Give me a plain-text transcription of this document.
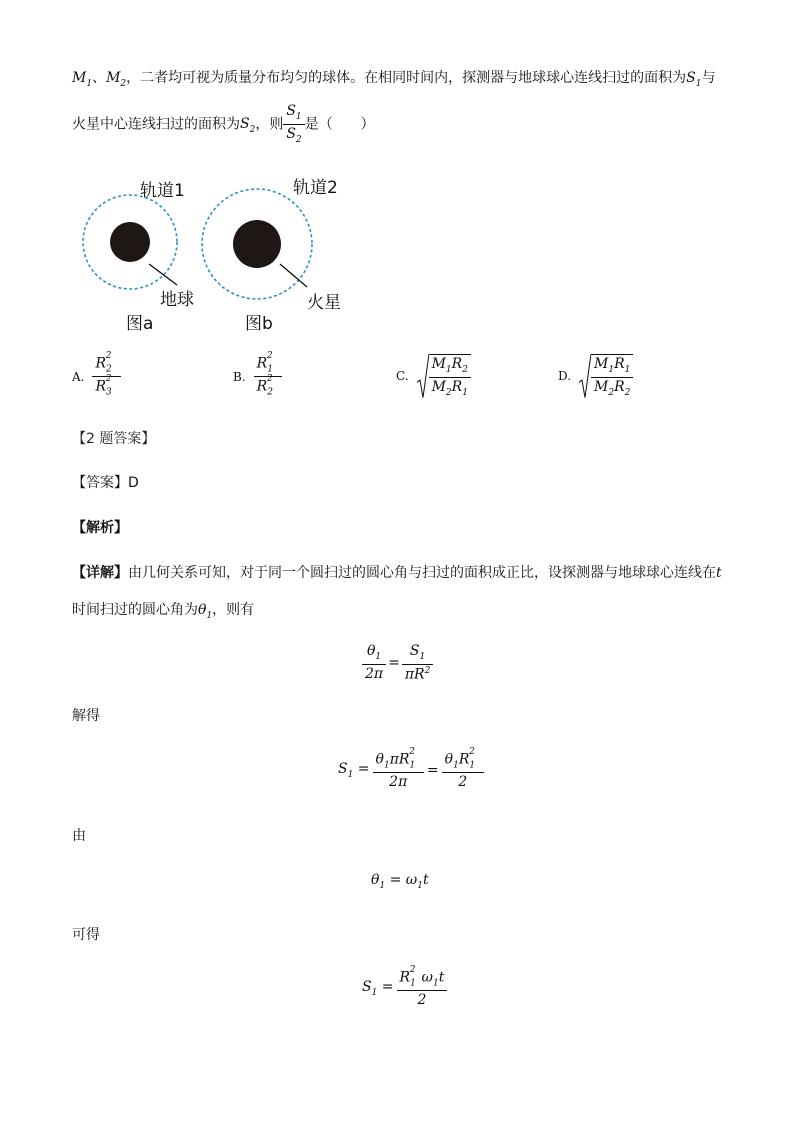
$M_1$、$M_2$，二者均可视为质量分布均匀的球体。在相同时间内，探测器与地球球心连线扫过的面积为$S_1$与
火星中心连线扫过的面积为$S_2$，则 $\frac{S_1}{S_2}$ 是（　　）
轨道1	轨道2
地球	火星
图a	图b
A. $\frac{R_2^2}{R_3^2}$	B. $\frac{R_1^2}{R_2^2}$	C. $\frac{M_1R_2}{M_2R_1}$	D. $\frac{M_1R_1}{M_2R_2}$
【2 题答案】
【答案】D
【解析】
【详解】由几何关系可知，对于同一个圆扫过的圆心角与扫过的面积成正比，设探测器与地球球心连线在t
时间扫过的圆心角为$\theta_1$，则有
$\frac{\theta_1}{2\pi} = \frac{S_1}{\pi R^2}$
解得
$S_1 = \frac{\theta_1\pi R_1^2}{2\pi} = \frac{\theta_1R_1^2}{2}$
由
$\theta_1 = \omega_1t$
可得
$S_1 = \frac{R_1^2 \omega_1t}{2}$
